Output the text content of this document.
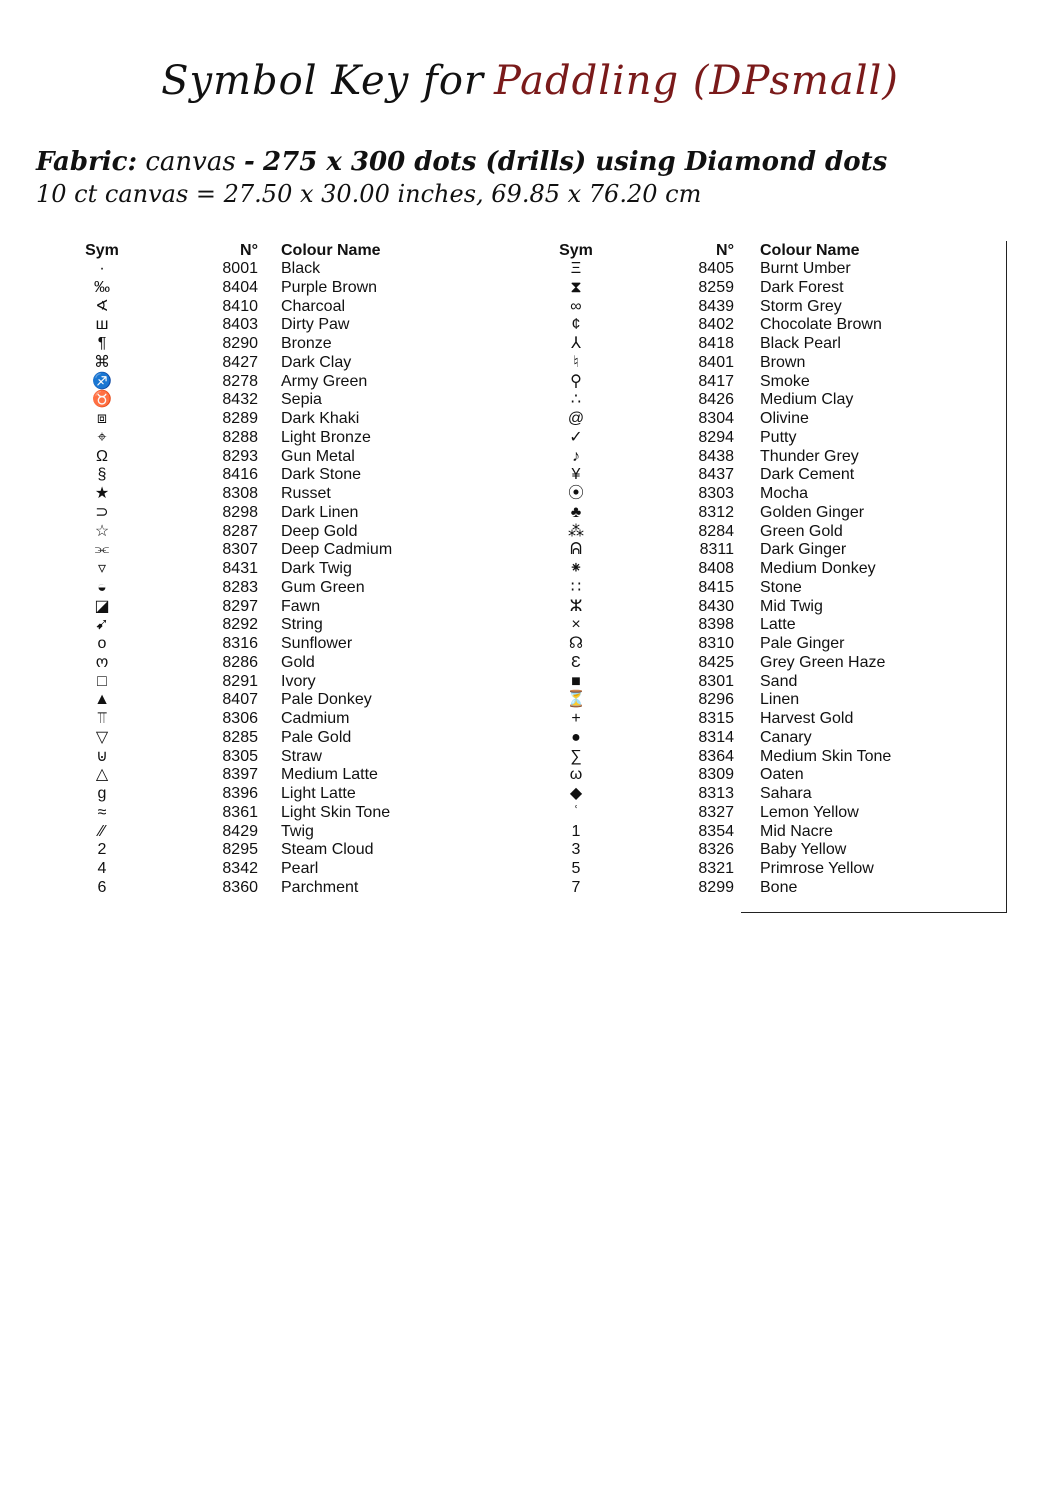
Symbol Key for Paddling (DPsmall)
Fabric: canvas - 275 x 300 dots (drills) using Diamond dots
10 ct canvas = 27.50 x 30.00 inches, 69.85 x 76.20 cm
Sym	N° Colour Name
·	8001 Black
‰	8404 Purple Brown
∢	8410 Charcoal
ш	8403 Dirty Paw
¶	8290 Bronze
⌘	8427 Dark Clay
♐	8278 Army Green
♉	8432 Sepia
⧈	8289 Dark Khaki
⌖	8288 Light Bronze
Ω	8293 Gun Metal
§	8416 Dark Stone
★	8308 Russet
⊃	8298 Dark Linen
☆	8287 Deep Gold
⫘	8307 Deep Cadmium
▿	8431 Dark Twig
◒	8283 Gum Green
◪	8297 Fawn
➹	8292 String
o	8316 Sunflower
ო	8286 Gold
□	8291 Ivory
▲	8407 Pale Donkey
⫪	8306 Cadmium
▽	8285 Pale Gold
⊍	8305 Straw
△	8397 Medium Latte
g	8396 Light Latte
≈	8361 Light Skin Tone
⁄⁄	8429 Twig
2	8295 Steam Cloud
4	8342 Pearl
6	8360 Parchment
Sym	N° Colour Name
Ξ	8405 Burnt Umber
⧗	8259 Dark Forest
∞	8439 Storm Grey
¢	8402 Chocolate Brown
⅄	8418 Black Pearl
♮	8401 Brown
⚲	8417 Smoke
∴	8426 Medium Clay
@	8304 Olivine
✓	8294 Putty
♪	8438 Thunder Grey
¥	8437 Dark Cement
⦿	8303 Mocha
♣	8312 Golden Ginger
⁂	8284 Green Gold
ᕱ	8311 Dark Ginger
⁕	8408 Medium Donkey
∷	8415 Stone
ⵣ	8430 Mid Twig
×	8398 Latte
☊	8310 Pale Ginger
Ɛ	8425 Grey Green Haze
■	8301 Sand
⏳	8296 Linen
+	8315 Harvest Gold
●	8314 Canary
∑	8364 Medium Skin Tone
ω	8309 Oaten
◆	8313 Sahara
ʿ	8327 Lemon Yellow
1	8354 Mid Nacre
3	8326 Baby Yellow
5	8321 Primrose Yellow
7	8299 Bone
